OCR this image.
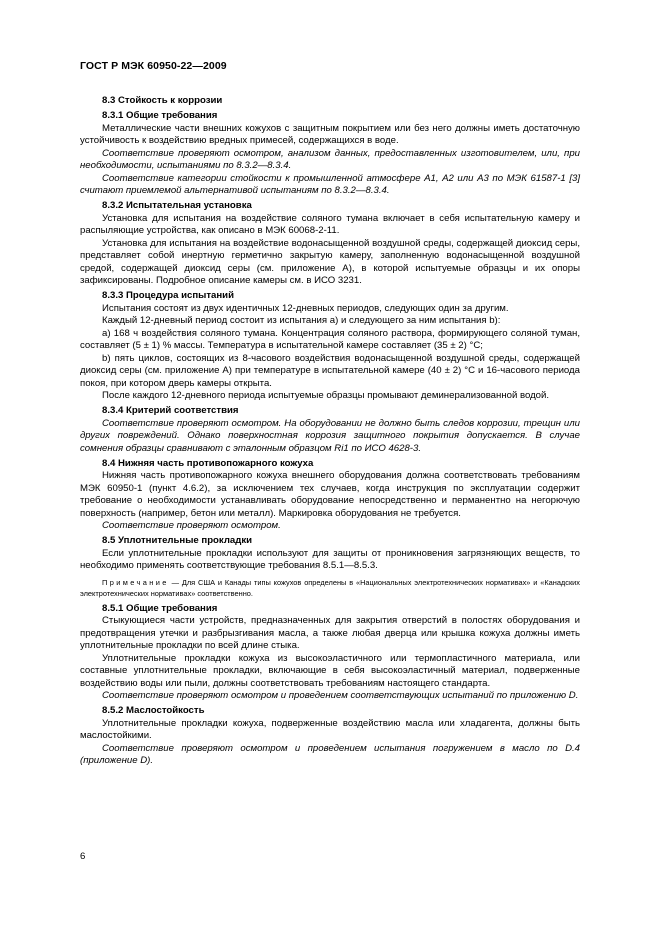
ГОСТ Р МЭК 60950-22—2009

8.3 Стойкость к коррозии

8.3.1 Общие требования

Металлические части внешних кожухов с защитным покрытием или без него должны иметь достаточную устойчивость к воздействию вредных примесей, содержащихся в воде.

Соответствие проверяют осмотром, анализом данных, предоставленных изготовителем, или, при необходимости, испытаниями по 8.3.2—8.3.4.

Соответствие категории стойкости к промышленной атмосфере А1, А2 или А3 по МЭК 61587-1 [3] считают приемлемой альтернативой испытаниям по 8.3.2—8.3.4.

8.3.2 Испытательная установка

Установка для испытания на воздействие соляного тумана включает в себя испытательную камеру и распыляющие устройства, как описано в МЭК 60068-2-11.

Установка для испытания на воздействие водонасыщенной воздушной среды, содержащей диоксид серы, представляет собой инертную герметично закрытую камеру, заполненную водонасыщенной воздушной средой, содержащей диоксид серы (см. приложение А), в которой испытуемые образцы и их опоры зафиксированы. Подробное описание камеры см. в ИСО 3231.

8.3.3 Процедура испытаний

Испытания состоят из двух идентичных 12-дневных периодов, следующих один за другим.

Каждый 12-дневный период состоит из испытания а) и следующего за ним испытания b):

а) 168 ч воздействия соляного тумана. Концентрация соляного раствора, формирующего соляной туман, составляет (5 ± 1) % массы. Температура в испытательной камере составляет (35 ± 2) °С;

b) пять циклов, состоящих из 8-часового воздействия водонасыщенной воздушной среды, содержащей диоксид серы (см. приложение А) при температуре в испытательной камере (40 ± 2) °С и 16-часового периода покоя, при котором дверь камеры открыта.

После каждого 12-дневного периода испытуемые образцы промывают деминерализованной водой.

8.3.4 Критерий соответствия

Соответствие проверяют осмотром. На оборудовании не должно быть следов коррозии, трещин или других повреждений. Однако поверхностная коррозия защитного покрытия допускается. В случае сомнения образцы сравнивают с эталонным образцом Ri1 по ИСО 4628-3.

8.4 Нижняя часть противопожарного кожуха

Нижняя часть противопожарного кожуха внешнего оборудования должна соответствовать требованиям МЭК 60950-1 (пункт 4.6.2), за исключением тех случаев, когда инструкция по эксплуатации содержит требование о необходимости устанавливать оборудование непосредственно и перманентно на негорючую поверхность (например, бетон или металл). Маркировка оборудования не требуется.

Соответствие проверяют осмотром.

8.5 Уплотнительные прокладки

Если уплотнительные прокладки используют для защиты от проникновения загрязняющих веществ, то необходимо применять соответствующие требования 8.5.1—8.5.3.

Примечание — Для США и Канады типы кожухов определены в «Национальных электротехнических нормативах» и «Канадских электротехнических нормативах» соответственно.

8.5.1 Общие требования

Стыкующиеся части устройств, предназначенных для закрытия отверстий в полостях оборудования и предотвращения утечки и разбрызгивания масла, а также любая дверца или крышка кожуха должны иметь уплотнительные прокладки по всей длине стыка.

Уплотнительные прокладки кожуха из высокоэластичного или термопластичного материала, или составные уплотнительные прокладки, включающие в себя высокоэластичный материал, подверженные воздействию воды или пыли, должны соответствовать требованиям настоящего стандарта.

Соответствие проверяют осмотром и проведением соответствующих испытаний по приложению D.

8.5.2 Маслостойкость

Уплотнительные прокладки кожуха, подверженные воздействию масла или хладагента, должны быть маслостойкими.

Соответствие проверяют осмотром и проведением испытания погружением в масло по D.4 (приложение D).

6
